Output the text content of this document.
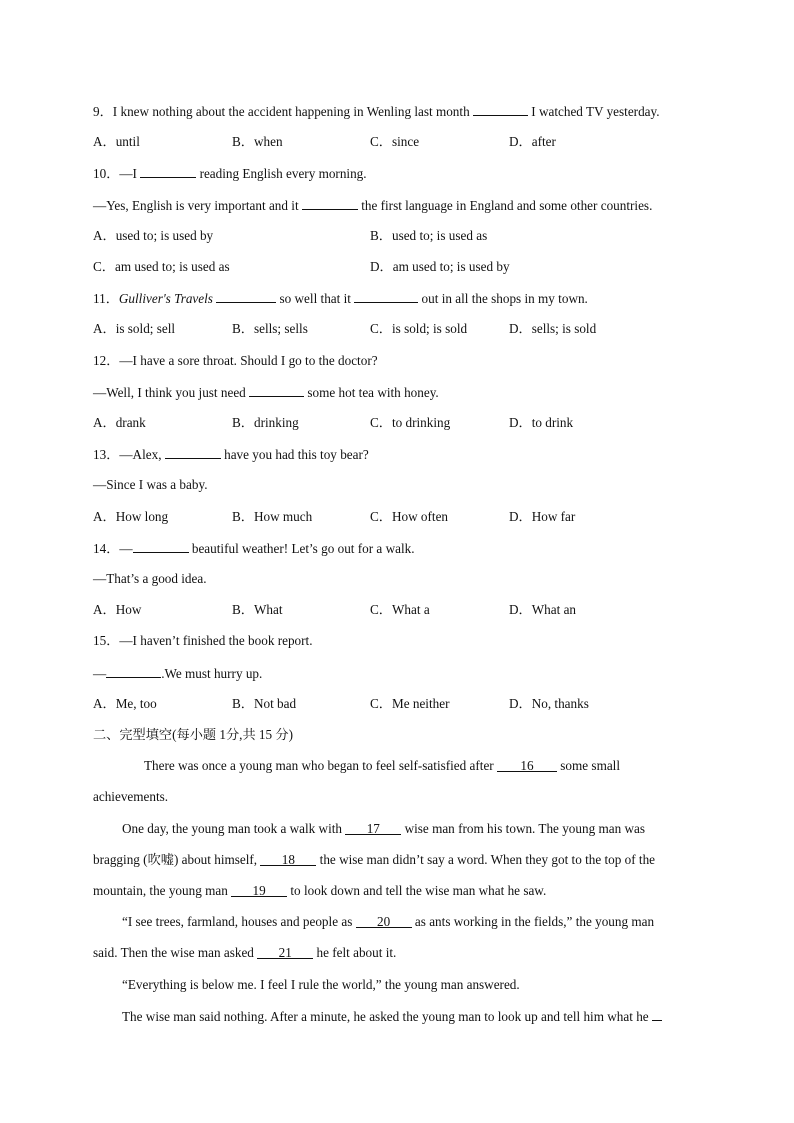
9．I knew nothing about the accident happening in Wenling last month	I watched TV yesterday.
A．until	B．when	C．since	D．after
10．—I	reading English every morning.
—Yes, English is very important and it	the first language in England and some other countries.
A．used to; is used by	B．used to; is used as
C．am used to; is used as	D．am used to; is used by
11．Gulliver's Travels	so well that it	out in all the shops in my town.
A．is sold; sell	B．sells; sells	C．is sold; is sold	D．sells; is sold
12．—I have a sore throat. Should I go to the doctor?
—Well, I think you just need	some hot tea with honey.
A．drank	B．drinking	C．to drinking	D．to drink
13．—Alex,	have you had this toy bear?
—Since I was a baby.
A．How long	B．How much	C．How often	D．How far
14．—	beautiful weather! Let’s go out for a walk.
—That’s a good idea.
A．How	B．What	C．What a	D．What an
15．—I haven’t finished the book report.
—	.We must hurry up.
A．Me, too	B．Not bad	C．Me neither	D．No, thanks
二、完型填空(每小题 1分,共 15 分)
There was once a young man who began to feel self-satisfied after 16 some small
achievements.
One day, the young man took a walk with 17 wise man from his town. The young man was
bragging (吹嘘) about himself, 18 the wise man didn’t say a word. When they got to the top of the
mountain, the young man 19 to look down and tell the wise man what he saw.
“I see trees, farmland, houses and people as 20 as ants working in the fields,” the young man
said. Then the wise man asked 21 he felt about it.
“Everything is below me. I feel I rule the world,” the young man answered.
The wise man said nothing. After a minute, he asked the young man to look up and tell him what he
